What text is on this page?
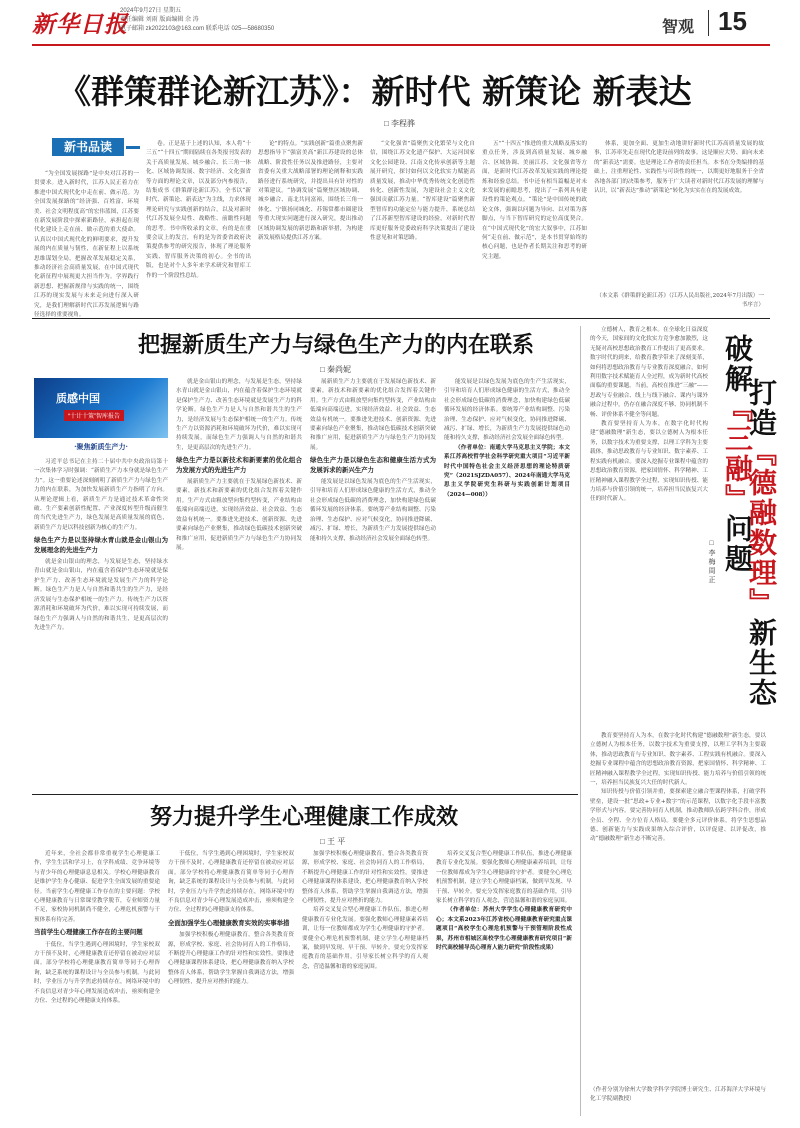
新华日报
2024年9月27日 星期五
责任编辑 刘雨 版面编辑 余 涛
电子邮箱 zk2022103@163.com 联系电话 025—58680350	智观 15
《群策群论新江苏》：新时代 新策论 新表达
□ 李程骅
新书品读

“为全国发展探路”是中央对江苏的一贯要求。进入新时代，江苏人民正着力在推进中国式现代化中走在前、做示范。为全国发展探路的“经济强、百姓富、环境美、社会文明程度高”的宏伟蓝图，江苏要在新发展阶段中探索新路径，承担起在现代化建设上走在前、做示范的重大使命。认真以中国式现代化的鲜明要求，提升发展的内在质量与韧性，在新征程上以系统思维谋划全局，把握改革发展稳定关系，推动经济社会高质量发展，在中国式现代化新征程中展现更大担当作为。学界践行新思想、把握新规律与实践的统一，围绕江苏的现实发展与未来走向进行深入研究，是我们理解新时代江苏发展逻辑与路径选择的重要视角。

卷。正是基于上述的认知，本人将“十三五”“十四五”期间陆续在各类报刊发表的关于高质量发展、城乡融合、长三角一体化、区域协调发展、数字经济、文化强省等方面的理论文章，以及部分内参报告，结集成书《群策群论新江苏》。全书以“新时代、新策论、新表达”为主线，力求体现理论研究与实践创新的结合，以及对新时代江苏发展全局性、战略性、前瞻性问题的思考。书中所收录的文章，有的是在重要会议上的发言，有的是为省委省政府决策提供参考的研究报告，体现了理论服务实践、智库服务决策的初心。全书的出版，也是对个人多年来学术研究和智库工作的一个阶段性总结。

论”的特点。“实践创新”篇重点聚焦新思想指导下“强富美高”新江苏建设的总体战略、阶段性任务以及推进路径，主要对省委有关重大战略部署的理论阐释和实践路径进行系统研究，并提出具有针对性的对策建议。“协调发展”篇聚焦区域协调、城乡融合、南北共同富裕，围绕长三角一体化、宁镇扬同城化、苏锡常都市圈建设等重大现实问题进行深入研究，提出推动区域协调发展的新思路和新举措，为构建新发展格局提供江苏方案。

“文化强省”篇聚焦文化繁荣与文化自信，围绕江苏文化遗产保护、大运河国家文化公园建设、江南文化传承创新等主题展开研究，探讨如何以文化软实力赋能高质量发展，推动中华优秀传统文化创造性转化、创新性发展，为建设社会主义文化强国贡献江苏力量。“智库建设”篇聚焦新型智库的功能定位与能力提升，系统总结了江苏新型智库建设的经验，对新时代智库更好服务党委政府科学决策提出了建设性意见和对策思路。

五”“十四五”推进的重大战略及落实的重点任务，涉及到高质量发展、城乡融合、区域协调、美丽江苏、文化强省等方面，是新时代江苏改革发展实践的理论提炼和经验总结。书中还有相当篇幅是对未来发展的前瞻思考，提出了一系列具有建设性的策论观点。“策论”是中国传统的政论文体，强调以问题为导向、以对策为落脚点，与当下智库研究的定位高度契合。在“中国式现代化”的宏大叙事中，江苏如何“走在前、做示范”，是本书贯穿始终的核心问题，也是作者长期关注和思考的研究主题。

体系，更加全面、更加生动地讲好新时代江苏高质量发展的故事，江苏率先走在现代化建设前列的故事。这是顺应大势、面向未来的“新表达”需要。也是理论工作者的责任担当。本书在分类编排的基础上，注重理论性、实践性与可读性的统一，以期更好地服务于全省各地各部门的决策参考，服务于广大读者对新时代江苏发展的理解与认识，以“新表达”推动“新策论”转化为实实在在的发展成效。

（本文系《群策群论新江苏》（江苏人民出版社,2024年7月出版）一书序言）
把握新质生产力与绿色生产力的内在联系
□ 秦尚妮
质感中国
“十计十策”智库报告
·聚焦新质生产力·

习近平总书记在主持二十届中共中央政治局第十一次集体学习时强调：“新质生产力本身就是绿色生产力”。这一重要论述深刻阐明了新质生产力与绿色生产力的内在联系，为加快发展新质生产力指明了方向。从理论逻辑上看，新质生产力是通过技术革命性突破、生产要素创新性配置、产业深度转型升级而催生的当代先进生产力，绿色发展是高质量发展的底色，新质生产力是以科技创新为核心的生产力。

绿色生产力是以坚持绿水青山就是金山银山为发展理念的先进生产力

就是金山银山的理念，与发展是生态，坚持绿水青山就是金山银山，内在蕴含着保护生态环境就是保护生产力、改善生态环境就是发展生产力的科学论断。绿色生产力是人与自然和谐共生的生产力，是经济发展与生态保护相统一的生产力。传统生产力以资源消耗和环境破坏为代价，难以实现可持续发展，而绿色生产力强调人与自然的和谐共生，是更高层次的先进生产力。

就是金山银山的理念，与发展是生态，坚持绿水青山就是金山银山，内在蕴含着保护生态环境就是保护生产力、改善生态环境就是发展生产力的科学论断。绿色生产力是人与自然和谐共生的生产力，是经济发展与生态保护相统一的生产力。传统生产力以资源消耗和环境破坏为代价，难以实现可持续发展，而绿色生产力强调人与自然的和谐共生，是更高层次的先进生产力。

绿色生产力是以新技术和新要素的优化组合为发展方式的先进生产力

展新质生产力主要就在于发展绿色新技术、新要素，新技术和新要素的优化组合发挥着关键作用。生产方式由粗放型向集约型转变，产业结构由低端向高端迈进，实现经济效益、社会效益、生态效益有机统一。要推进先进技术、创新资源、先进要素向绿色产业聚集，推动绿色低碳技术创新突破和推广应用，促进新质生产力与绿色生产力协同发展。

展新质生产力主要就在于发展绿色新技术、新要素，新技术和新要素的优化组合发挥着关键作用。生产方式由粗放型向集约型转变，产业结构由低端向高端迈进，实现经济效益、社会效益、生态效益有机统一。要推进先进技术、创新资源、先进要素向绿色产业聚集，推动绿色低碳技术创新突破和推广应用，促进新质生产力与绿色生产力协同发展。

绿色生产力是以绿色生态和健康生活方式为发展诉求的新兴生产力

能发展是以绿色发展为底色的生产生活现实，引导和培育人们形成绿色健康的生活方式，推动全社会形成绿色低碳的消费理念，加快构建绿色低碳循环发展的经济体系。要统筹产业结构调整、污染治理、生态保护、应对气候变化，协同推进降碳、减污、扩绿、增长，为新质生产力发展提供绿色动能和持久支撑，推动经济社会发展全面绿色转型。

能发展是以绿色发展为底色的生产生活现实，引导和培育人们形成绿色健康的生活方式，推动全社会形成绿色低碳的消费理念，加快构建绿色低碳循环发展的经济体系。要统筹产业结构调整、污染治理、生态保护、应对气候变化，协同推进降碳、减污、扩绿、增长，为新质生产力发展提供绿色动能和持久支撑，推动经济社会发展全面绿色转型。

（作者单位：南通大学马克思主义学院；本文系江苏高校哲学社会科学研究重大项目“习近平新时代中国特色社会主义经济思想的理论特质研究”（2021SJZDA057）、2024年南通大学马克思主义学院研究生科研与实践创新计划项目（2024—008））

立德树人，教育之根本。在全球化日益深度的今天，国家间的文化软实力竞争愈加激烈，这无疑对高校思想政治教育工作提出了更高要求。数字时代的到来，给教育教学带来了深刻变革，如何将思想政治教育与专业教育深度融合，如何利用数字技术赋能育人全过程，成为新时代高校面临的重要课题。当前，高校在推进“三融”——思政与专业融合、线上与线下融合、课内与课外融合过程中，仍存在融合深度不够、协同机制不畅、评价体系不健全等问题。

教育要坚持育人为本，在数字化时代构建“德融数理”新生态，要以立德树人为根本任务，以数字技术为重要支撑，以理工学科为主要载体，推动思政教育与专业知识、数字素养、工程实践有机融合。要深入挖掘专业课程中蕴含的思想政治教育资源，把家国情怀、科学精神、工匠精神融入课程教学全过程，实现知识传授、能力培养与价值引领的统一，培养担当民族复兴大任的时代新人。

破解『三融』问题
打造『德融数理』新生态
□ 李 梅 周 正

教育要坚持育人为本，在数字化时代构建“德融数理”新生态，要以立德树人为根本任务，以数字技术为重要支撑，以理工学科为主要载体，推动思政教育与专业知识、数字素养、工程实践有机融合。要深入挖掘专业课程中蕴含的思想政治教育资源，把家国情怀、科学精神、工匠精神融入课程教学全过程，实现知识传授、能力培养与价值引领的统一，培养担当民族复兴大任的时代新人。

知识传授与价值引领并重，要探索建立融合型课程体系，打破学科壁垒，建设一批“思政+专业+数字”的示范课程，以数字化手段丰富教学形式与内容。要完善协同育人机制，推动教师队伍跨学科合作，形成全员、全程、全方位育人格局。要健全多元评价体系，将学生思想品德、创新能力与实践成果纳入综合评价，以评促建、以评促改，推动“德融数理”新生态不断完善。

（作者分别为徐州大学数学科学学院博士研究生、江苏海洋大学环境与化工学院副教授）
努力提升学生心理健康工作成效
□ 王 平

近年来，全社会都非常重视学生心理健康工作，学生生活和学习上，在学科成绩、竞争环境等与青少年的心理健康息息相关。学校心理健康教育是维护学生身心健康、促进学生全面发展的重要途径。当前学生心理健康工作存在的主要问题：学校心理健康教育与日常课堂教学脱节，专业师资力量不足，家校协同机制尚不健全，心理危机预警与干预体系有待完善。

当前学生心理健康工作存在的主要问题

于低位，当学生遇到心理困境时，学生家校双方干预不及时，心理健康教育还停留在被动应对层面。部分学校将心理健康教育简单等同于心理咨询，缺乏系统的课程设计与全员参与机制。与此同时，学业压力与升学焦虑持续存在，网络环境中的不良信息对青少年心理发展造成冲击，亟须构建全方位、全过程的心理健康支持体系。

于低位，当学生遇到心理困境时，学生家校双方干预不及时，心理健康教育还停留在被动应对层面。部分学校将心理健康教育简单等同于心理咨询，缺乏系统的课程设计与全员参与机制。与此同时，学业压力与升学焦虑持续存在，网络环境中的不良信息对青少年心理发展造成冲击，亟须构建全方位、全过程的心理健康支持体系。

全面加强学生心理健康教育实效的实事举措

加强学校积极心理健康教育，整合各类教育资源，形成学校、家庭、社会协同育人的工作格局，不断提升心理健康工作的针对性和实效性。要推进心理健康课程体系建设，把心理健康教育纳入学校整体育人体系，帮助学生掌握自我调适方法，增强心理韧性，提升应对挫折的能力。

加强学校积极心理健康教育，整合各类教育资源，形成学校、家庭、社会协同育人的工作格局，不断提升心理健康工作的针对性和实效性。要推进心理健康课程体系建设，把心理健康教育纳入学校整体育人体系，帮助学生掌握自我调适方法，增强心理韧性，提升应对挫折的能力。

培养交叉复合型心理健康工作队伍，推进心理健康教育专业化发展。要强化教师心理健康素养培训，让每一位教师都成为学生心理健康的守护者。要健全心理危机预警机制，建立学生心理健康档案，做到早发现、早干预、早转介。要充分发挥家庭教育的基础作用，引导家长树立科学的育人观念，营造温馨和谐的家庭氛围。

培养交叉复合型心理健康工作队伍，推进心理健康教育专业化发展。要强化教师心理健康素养培训，让每一位教师都成为学生心理健康的守护者。要健全心理危机预警机制，建立学生心理健康档案，做到早发现、早干预、早转介。要充分发挥家庭教育的基础作用，引导家长树立科学的育人观念，营造温馨和谐的家庭氛围。

（作者单位：苏州大学学生心理健康教育研究中心；本文系2023年江苏省校心理健康教育研究重点课题项目“高校学生心理危机预警与干预管理阶段性成果，苏州市相城区高校学生心理健康教育研究项目“新时代高校辅导员心理育人能力研究”阶段性成果）
